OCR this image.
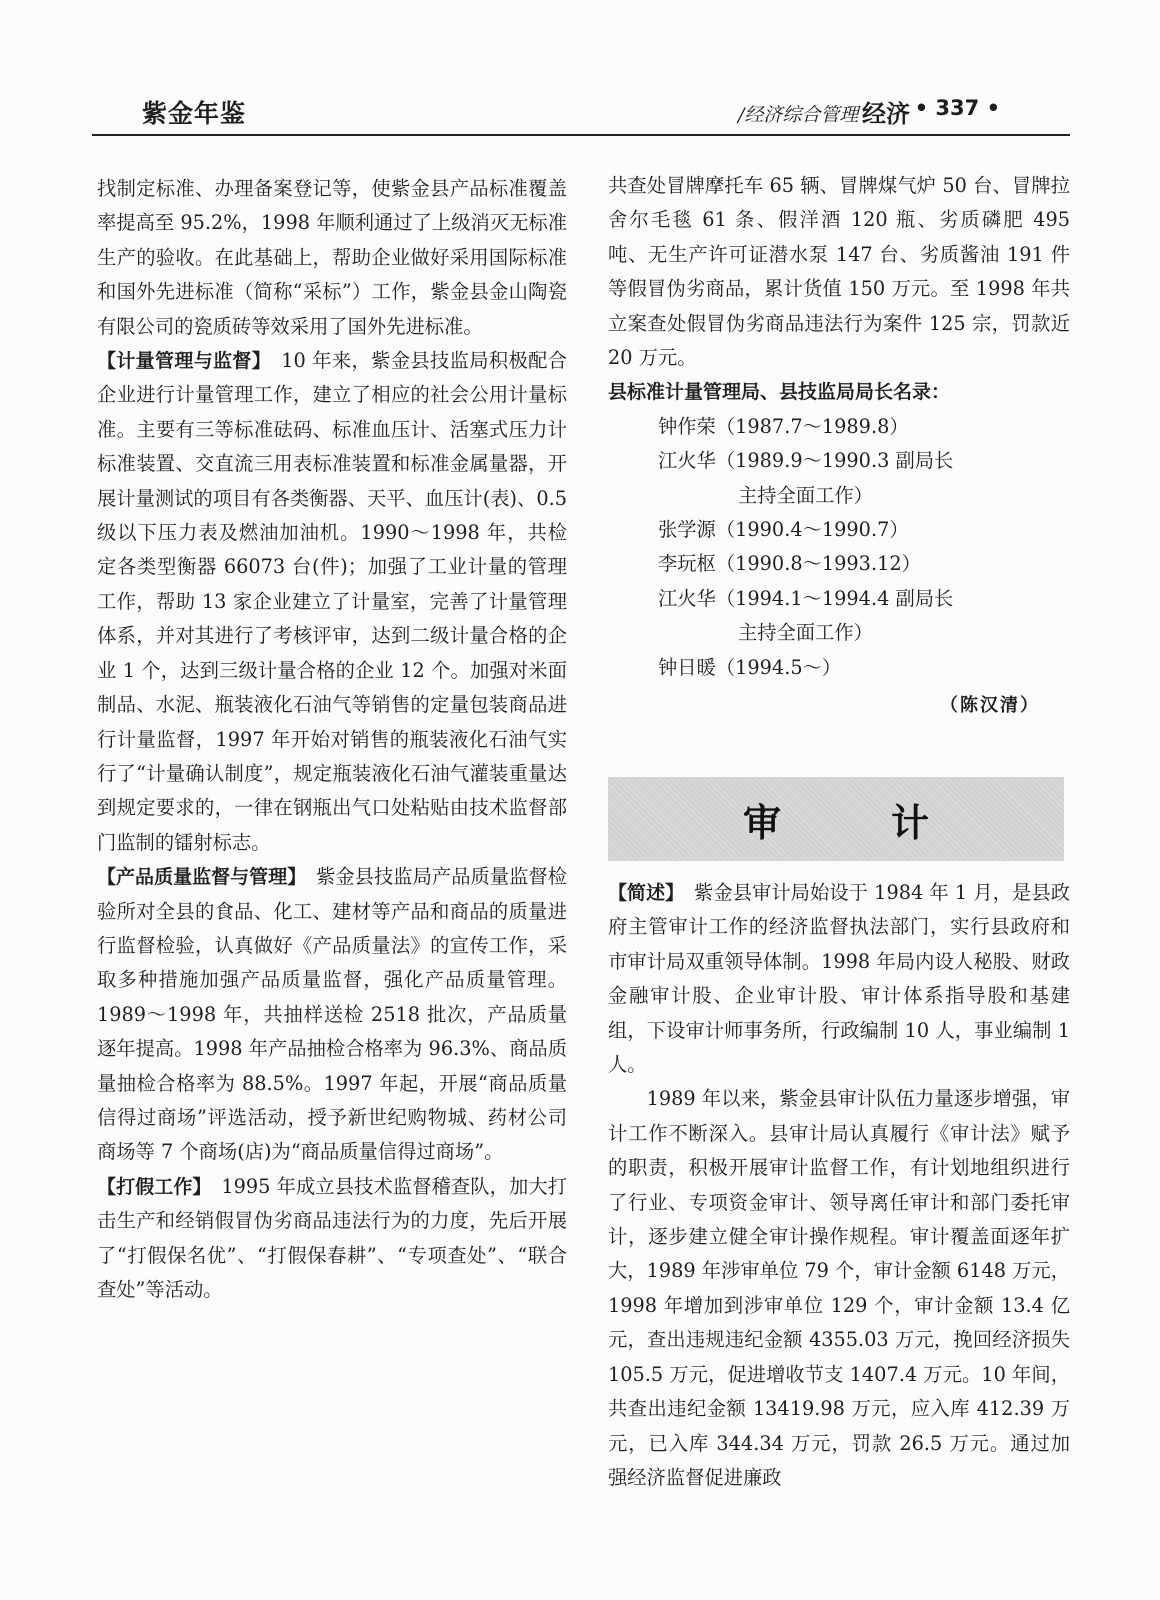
紫金年鉴	经济 • 337 •
/经济综合管理

找制定标准、办理备案登记等，使紫金县产品标准覆盖率提高至 95.2%，1998 年顺利通过了上级消灭无标准生产的验收。在此基础上，帮助企业做好采用国际标准和国外先进标准（简称“采标”）工作，紫金县金山陶瓷有限公司的瓷质砖等效采用了国外先进标准。

【计量管理与监督】　10 年来，紫金县技监局积极配合企业进行计量管理工作，建立了相应的社会公用计量标准。主要有三等标准砝码、标准血压计、活塞式压力计标准装置、交直流三用表标准装置和标准金属量器，开展计量测试的项目有各类衡器、天平、血压计(表)、0.5 级以下压力表及燃油加油机。1990～1998 年，共检定各类型衡器 66073 台(件)；加强了工业计量的管理工作，帮助 13 家企业建立了计量室，完善了计量管理体系，并对其进行了考核评审，达到二级计量合格的企业 1 个，达到三级计量合格的企业 12 个。加强对米面制品、水泥、瓶装液化石油气等销售的定量包装商品进行计量监督，1997 年开始对销售的瓶装液化石油气实行了“计量确认制度”，规定瓶装液化石油气灌装重量达到规定要求的，一律在钢瓶出气口处粘贴由技术监督部门监制的镭射标志。

【产品质量监督与管理】　紫金县技监局产品质量监督检验所对全县的食品、化工、建材等产品和商品的质量进行监督检验，认真做好《产品质量法》的宣传工作，采取多种措施加强产品质量监督，强化产品质量管理。1989～1998 年，共抽样送检 2518 批次，产品质量逐年提高。1998 年产品抽检合格率为 96.3%、商品质量抽检合格率为 88.5%。1997 年起，开展“商品质量信得过商场”评选活动，授予新世纪购物城、药材公司商场等 7 个商场(店)为“商品质量信得过商场”。

【打假工作】　1995 年成立县技术监督稽查队，加大打击生产和经销假冒伪劣商品违法行为的力度，先后开展了“打假保名优”、“打假保春耕”、“专项查处”、“联合查处”等活动。

共查处冒牌摩托车 65 辆、冒牌煤气炉 50 台、冒牌拉舍尔毛毯 61 条、假洋酒 120 瓶、劣质磷肥 495 吨、无生产许可证潜水泵 147 台、劣质酱油 191 件等假冒伪劣商品，累计货值 150 万元。至 1998 年共立案查处假冒伪劣商品违法行为案件 125 宗，罚款近 20 万元。

县标准计量管理局、县技监局局长名录：

钟作荣（1987.7～1989.8）
江火华（1989.9～1990.3 副局长
主持全面工作）
张学源（1990.4～1990.7）
李玩枢（1990.8～1993.12）
江火华（1994.1～1994.4 副局长
主持全面工作）
钟日暖（1994.5～）

（陈汉清）

审计

【简述】　紫金县审计局始设于 1984 年 1 月，是县政府主管审计工作的经济监督执法部门，实行县政府和市审计局双重领导体制。1998 年局内设人秘股、财政金融审计股、企业审计股、审计体系指导股和基建组，下设审计师事务所，行政编制 10 人，事业编制 1 人。

1989 年以来，紫金县审计队伍力量逐步增强，审计工作不断深入。县审计局认真履行《审计法》赋予的职责，积极开展审计监督工作，有计划地组织进行了行业、专项资金审计、领导离任审计和部门委托审计，逐步建立健全审计操作规程。审计覆盖面逐年扩大，1989 年涉审单位 79 个，审计金额 6148 万元，1998 年增加到涉审单位 129 个，审计金额 13.4 亿元，查出违规违纪金额 4355.03 万元，挽回经济损失 105.5 万元，促进增收节支 1407.4 万元。10 年间，共查出违纪金额 13419.98 万元，应入库 412.39 万元，已入库 344.34 万元，罚款 26.5 万元。通过加强经济监督促进廉政
